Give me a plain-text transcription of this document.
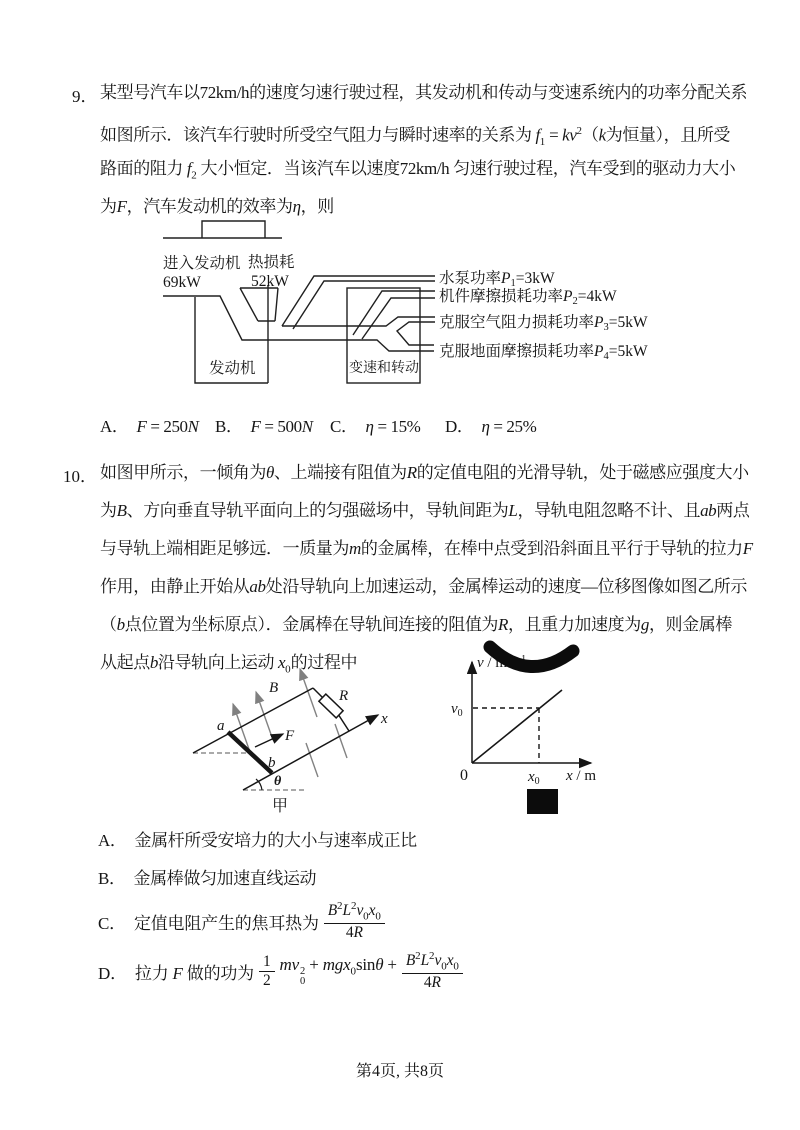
9． 某型号汽车以72km/h的速度匀速行驶过程，其发动机和传动与变速系统内的功率分配关系
如图所示．该汽车行驶时所受空气阻力与瞬时速率的关系为 $f_1 = kv^2(k$为恒量），且所受
路面的阻力 $f_2$ 大小恒定．当该汽车以速度72km/h 匀速行驶过程，汽车受到的驱动力大小
为F，汽车发动机的效率为η，则
进入发动机
69kW
热损耗
52kW
发动机	变速和转动
水泵功率P1=3kW
机件摩擦损耗功率P2=4kW
克服空气阻力损耗功率P3=5kW
克服地面摩擦损耗功率P4=5kW
A． F = 250N B． F = 500N C． η = 15% D． η = 25%
10． 如图甲所示，一倾角为θ、上端接有阻值为R的定值电阻的光滑导轨，处于磁感应强度大小
为B、方向垂直导轨平面向上的匀强磁场中，导轨间距为L，导轨电阻忽略不计、且ab两点
与导轨上端相距足够远．一质量为m的金属棒，在棒中点受到沿斜面且平行于导轨的拉力F
作用，由静止开始从ab处沿导轨向上加速运动，金属棒运动的速度—位移图像如图乙所示
（b点位置为坐标原点）．金属棒在导轨间连接的阻值为R，且重力加速度为g，则金属棒
从起点b沿导轨向上运动 $x_0$的过程中
a
b
B
F
R
x
θ
甲
$v / m\cdot s^{-1}$
$v_0$
0	$x_0$ x / m
A． 金属杆所受安培力的大小与速率成正比
B． 金属棒做匀加速直线运动
C． 定值电阻产生的焦耳热为 $\frac{B^2L^2v_0x_0}{4R}$
D． 拉力 F 做的功为 $\frac{1}{2}$ mv 2
0
+ $mgx_0\sin\theta + \frac{B^2L^2v_0x_0}{4R}$
第4页, 共8页
